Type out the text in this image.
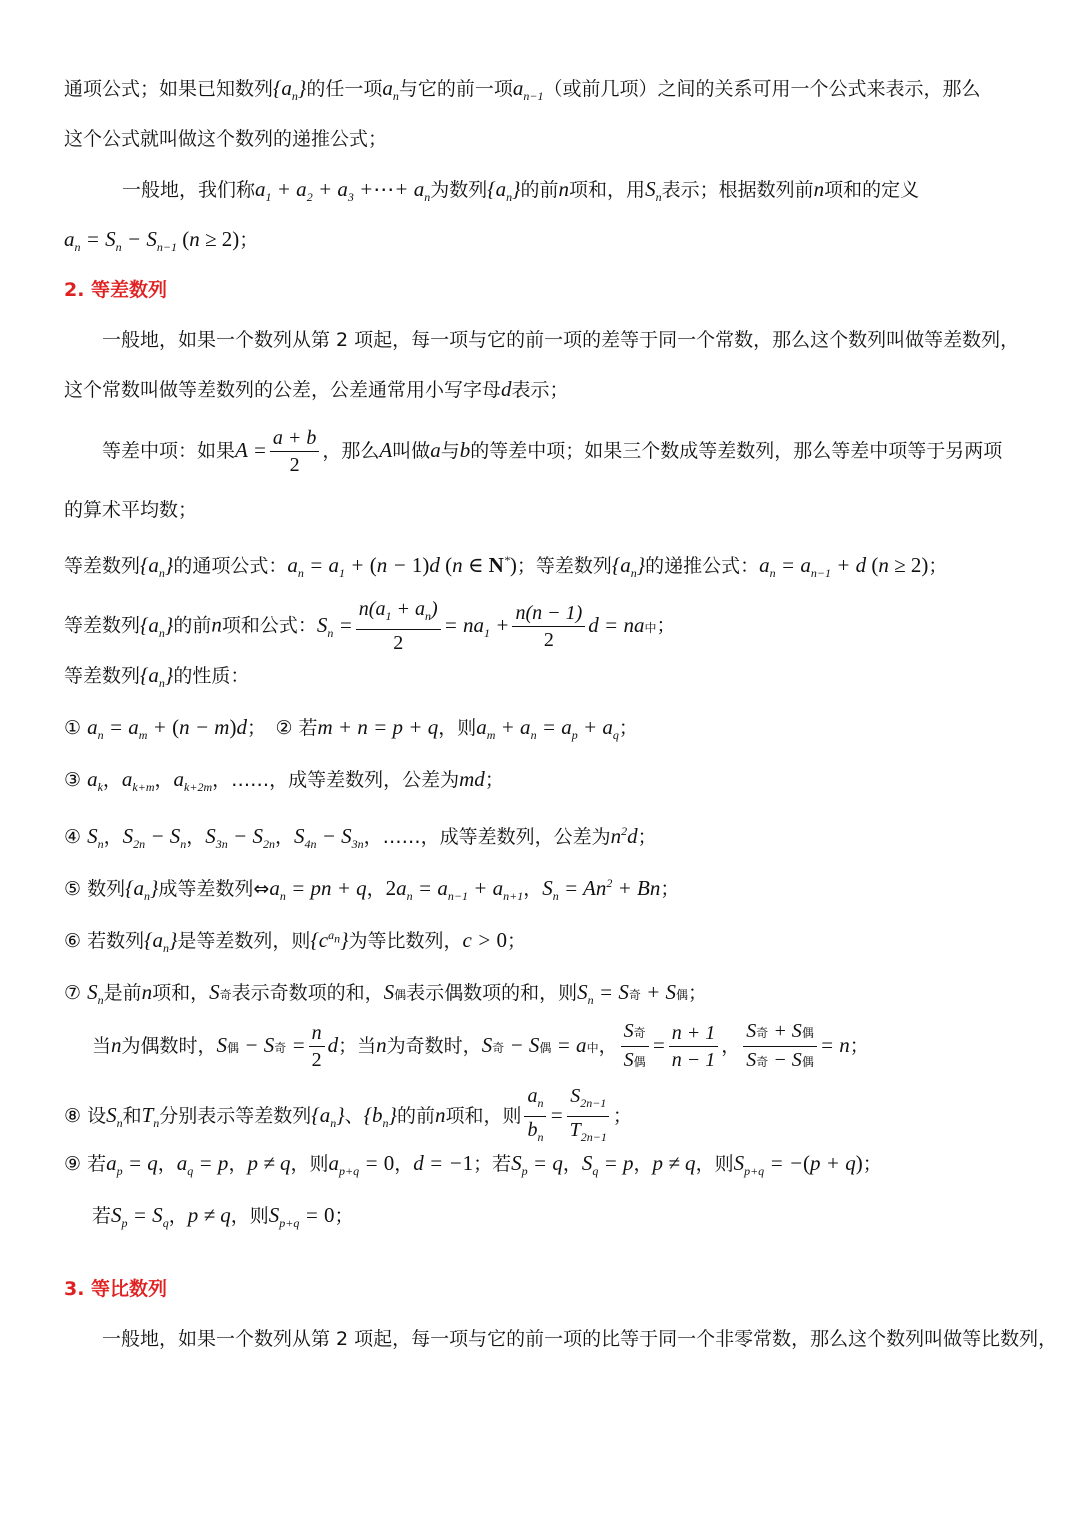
通项公式；如果已知数列$\{a_n\}$的任一项$a_n$与它的前一项$a_{n-1}$（或前几项）之间的关系可用一个公式来表示，那么
这个公式就叫做这个数列的递推公式；
一般地，我们称$a_1 + a_2 + a_3$ +⋯+ $a_n$为数列$\{a_n\}$的前n项和，用$S_n$表示；根据数列前n项和的定义
$a_n = S_n - S_{n-1}$ (n ≥ 2)；
2. 等差数列
一般地，如果一个数列从第 2 项起，每一项与它的前一项的差等于同一个常数，那么这个数列叫做等差数列，
这个常数叫做等差数列的公差，公差通常用小写字母d表示；
等差中项：如果$A = \frac{a + b}{2}$ ，那么A叫做a与b的等差中项；如果三个数成等差数列，那么等差中项等于另两项
的算术平均数；
等差数列$\{a_n\}$的通项公式：$a_n = a_1 + (n - 1)d$ (n ∈ N*)；等差数列$\{a_n\}$的递推公式：$a_n = a_{n-1} + d$ (n ≥ 2)；
等差数列$\{a_n\}$的前n项和公式：$S_n = \frac{n(a_1 + a_n)}{2} = na_1 + \frac{n(n - 1)}{2}$ d = na中；
等差数列$\{a_n\}$的性质：
① $a_n = a_m + (n - m)d$；　② 若m + n = p + q，则$a_m + a_n = a_p + a_q$；
③ $a_k$，$a_{k+m}$，$a_{k+2m}$，……，成等差数列，公差为md；
④ $S_n$，$S_{2n} - S_n$，$S_{3n} - S_{2n}$，$S_{4n} - S_{3n}$，……，成等差数列，公差为$n^2d$；
⑤ 数列$\{a_n\}$成等差数列$\Leftrightarrow a_n$ = pn + q，$2a_n = a_{n-1} + a_{n+1}$，$S_n = An^2 + Bn$；
⑥ 若数列$\{a_n\}$是等差数列，则$\{c^{a_n}\}$为等比数列，c > 0；
⑦ $S_n$是前n项和，S奇表示奇数项的和，S偶表示偶数项的和，则$S_n = S$奇 + S偶；
当n为偶数时，S偶 − S奇 = $\frac{n}{2}$ d；当n为奇数时，S奇 − S偶 = a中， $\frac{\text{S奇}}{\text{S偶}} = \frac{n + 1}{n - 1}$ ， $\frac{\text{S奇 + S偶}}{\text{S奇 − S偶}} = n$；
⑧ 设$S_n$和$T_n$分别表示等差数列$\{a_n\}$、$\{b_n\}$的前n项和，则 $\frac{a_n}{b_n} = \frac{S_{2n-1}}{T_{2n-1}}$ ；
⑨ 若$a_p = q$，$a_q = p$，p ≠ q，则$a_{p+q} = 0$，d = −1；若$S_p = q$，$S_q = p$，p ≠ q，则$S_{p+q} = -(p + q)$；
若$S_p = S_q$，p ≠ q，则$S_{p+q} = 0$；
3. 等比数列
一般地，如果一个数列从第 2 项起，每一项与它的前一项的比等于同一个非零常数，那么这个数列叫做等比数列，
